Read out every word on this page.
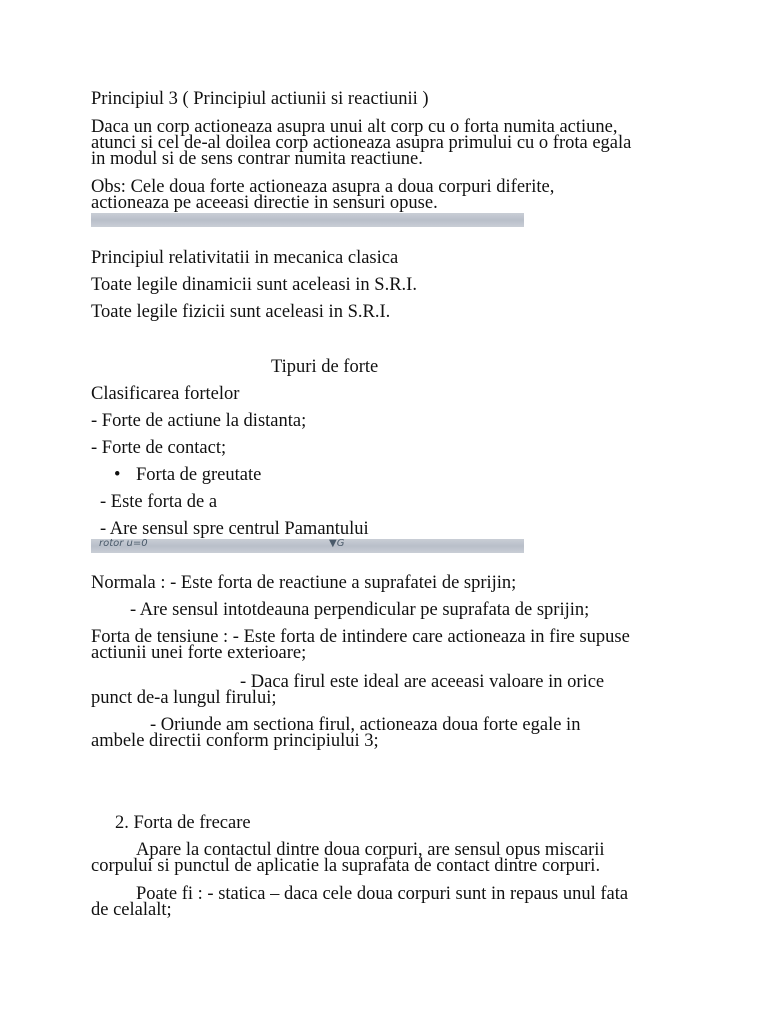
Principiul 3 ( Principiul actiunii si reactiunii )
Daca un corp actioneaza asupra unui alt corp cu o forta numita actiune,
atunci si cel de-al doilea corp actioneaza asupra primului cu o frota egala
in modul si de sens contrar numita reactiune.
Obs: Cele doua forte actioneaza asupra a doua corpuri diferite,
actioneaza pe aceeasi directie in sensuri opuse.
Principiul relativitatii in mecanica clasica
Toate legile dinamicii sunt aceleasi in S.R.I.
Toate legile fizicii sunt aceleasi in S.R.I.
Tipuri de forte
Clasificarea fortelor
- Forte de actiune la distanta;
- Forte de contact;
• Forta de greutate
- Este forta de a
- Are sensul spre centrul Pamantului
rotor u=0	▼G
Normala : - Este forta de reactiune a suprafatei de sprijin;
- Are sensul intotdeauna perpendicular pe suprafata de sprijin;
Forta de tensiune : - Este forta de intindere care actioneaza in fire supuse
actiunii unei forte exterioare;
- Daca firul este ideal are aceeasi valoare in orice
punct de-a lungul firului;
- Oriunde am sectiona firul, actioneaza doua forte egale in
ambele directii conform principiului 3;
2. Forta de frecare
Apare la contactul dintre doua corpuri, are sensul opus miscarii
corpului si punctul de aplicatie la suprafata de contact dintre corpuri.
Poate fi : - statica – daca cele doua corpuri sunt in repaus unul fata
de celalalt;
